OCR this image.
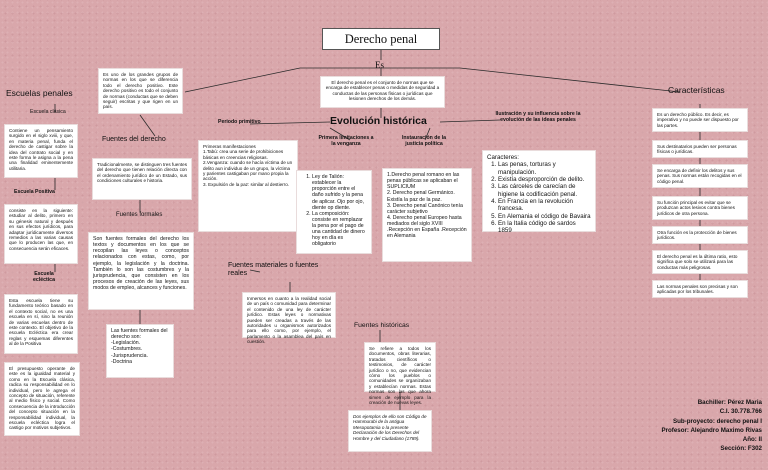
Derecho penal
Es
El derecho penal es el conjunto de normas que se encarga de establecer penas o medidas de seguridad a conductas de las personas físicas o jurídicas que lesionen derechos de los demás.
Escuelas penales
Escuela clásica
Contiene un pensamiento surgido en el siglo xviii, y que, en materia penal, funda el derecho de castigar sobre la idea del contrato social y en este forma le asigna a la pena una finalidad eminentemente utilitaria.
Escuela Positiva
consiste en la siguiente: estudiar al delito, primero en su génesis natural y después en sus efectos jurídicos, para adaptar jurídicamente diversos remedios a las varias causas que lo producen las que, en consecuencia serán eficaces.
Escuela ecléctica
Esta escuela tiene su fundamento teórico basado en el contexto social, no es una escuela en sí, sino la reunión de varias escuelas dentro de este contexto. El objetivo de la escuela Ecléctica era crear reglas y esquemas diferentes al de la Positiva
El presupuesto operante de este es la igualdad material y como en la Escuela clásica, radica su responsabilidad en lo individual, pero le agrega el concepto de situación, referente al medio físico y social. Como consecuencia de la introducción del concepto situación en la responsabilidad individual, la escuela ecléctica logra el castigo por motivos subjetivos.
Es uno de los grandes grupos de normas en los que se diferencia todo el derecho positivo. Este derecho positivo es todo el conjunto de normas (conductas que se deben seguir) escritas y que rigen en un país.
Fuentes del derecho
Tradicionalmente, se distinguen tres fuentes del derecho que tienen relación directa con el ordenamiento jurídico de un Estado, sus condiciones culturales e historia.
Fuentes formales
Son fuentes formales del derecho los textos y documentos en los que se recopilan las leyes o conceptos relacionados con estas, como, por ejemplo, la legislación y la doctrina. También lo son las costumbres y la jurisprudencia, que consisten en los procesos de creación de las leyes, sus modos de empleo, alcances y funciones.
Las fuentes formales del derecho son:
-Legislación.
-Costumbres.
-Jurisprudencia.
-Doctrina
Fuentes materiales o fuentes reales
Inmersos en cuanto a la realidad social de un país o comunidad para determinar el contenido de una ley de carácter jurídico. Estas leyes o normativas pueden ser creadas a través de las autoridades u organismos autorizados para ello como, por ejemplo, el parlamento o la asamblea del país en cuestión.
Fuentes históricas
Se refiere a todos los documentos, obras literarias, tratados científicos o testimonios, de carácter jurídico o no, que evidencian cómo los pueblos o comunidades se organizaban y establecían normas. Estas normas son las que ahora sirven de ejemplo para la creación de nuevas leyes.
Dos ejemplos de ello son Código de Hammurabi de la antigua Mesopotamia o la presente Declaración de los Derechos del Hombre y del Ciudadano (1789).
Evolución histórica
Periodo primitivo
Primera limitaciones a la venganza
Instauración de la justicia política
Primeras manifestaciones
1.Tabú: crea una serie de prohibiciones básicas en creencias religiosas.
2.Venganza: cuando se hacía víctima de un delito aun individuo de un grupo, la víctima y parientes castigaban por mano propia la acción.
3. Expulsión de la paz: similar al destierro.
1. Ley de Talión: establecer la proporción entre el daño sufrido y la pena de aplicar. Ojo por ojo, diente op diente.
2. La composición: consiste en remplazar la pena por el pago de una cantidad de dinero hoy en día es obligatorio
1.Derecho penal romano en las penas públicas se aplicaban el SUPLICIUM
2. Derecho penal Germánico. Existía la paz de la paz.
3. Derecho penal Canónico tenía carácter subjetivo
4. Derecho penal Europeo hasta mediados del siglo XVIII .Recepción en España .Recepción en Alemania
Ilustración y su influencia sobre la evolución de las ideas penales
Caracteres:
1. Las penas, torturas y manipulación.
2. Existía desproporción de delito.
3. Las cárceles de carecían de higiene la codificación penal.
4. En Francia en la revolución francesa.
5. En Alemania el código de Bavaira
6. En la Italia código de sardos 1859
Características
Es un derecho público. Es decir, es imperativo y no puede ser dispuesto por las partes.
Sus destinatarios pueden ser personas físicas o jurídicas.
Se encarga de definir los delitos y sus penas. Sus normas están recogidas en el código penal.
Su función principal es evitar que se produzcan actos lesivos contra bienes jurídicos de otra persona.
Otra función es la protección de bienes jurídicos.
El derecho penal es la última ratio, esto significa que solo se utilizará para las conductas más peligrosas.
Las normas penales son precisas y son aplicadas por los tribunales.
Bachiller: Pérez Maria
C.I. 30.778.766
Sub-proyecto: derecho penal I
Profesor: Alejandro Maximo Rivas
Año: II
Sección: F302
